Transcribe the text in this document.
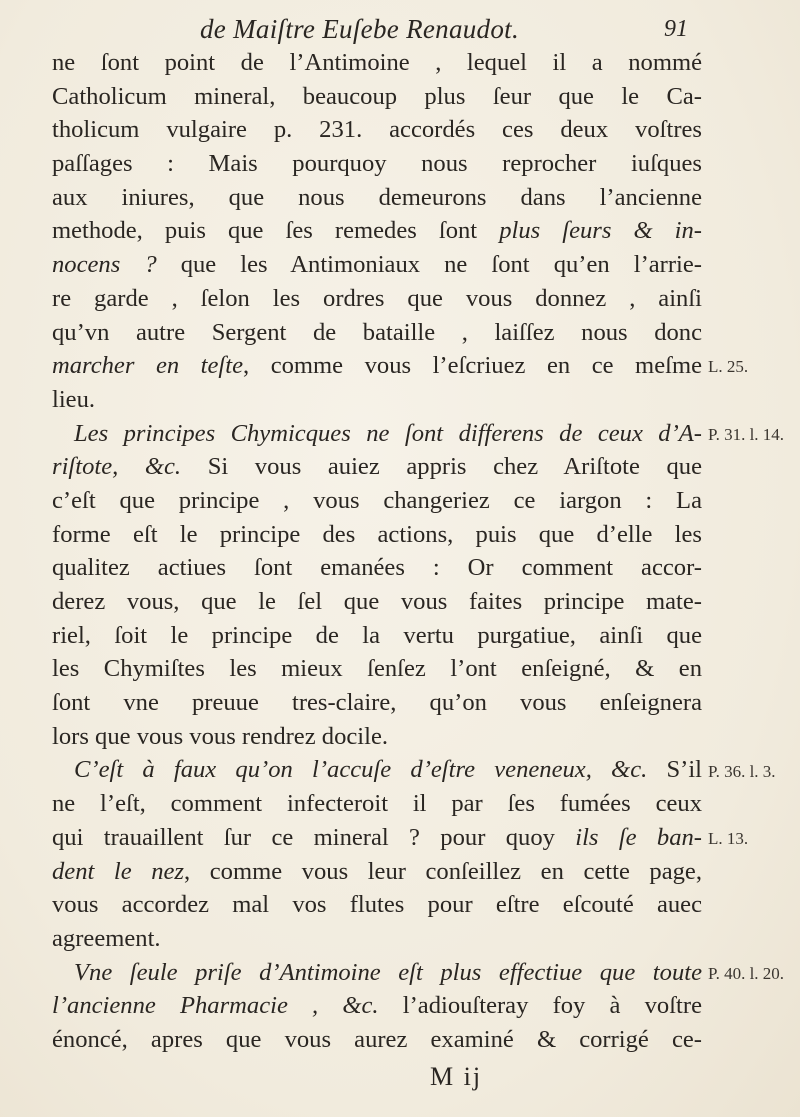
de Maiſtre Euſebe Renaudot.	91
ne ſont point de l’Antimoine , lequel il a nommé
Catholicum mineral, beaucoup plus ſeur que le Ca-
tholicum vulgaire p. 231. accordés ces deux voſtres
paſſages : Mais pourquoy nous reprocher iuſques
aux iniures, que nous demeurons dans l’ancienne
methode, puis que ſes remedes ſont plus ſeurs & in-
nocens ? que les Antimoniaux ne ſont qu’en l’arrie-
re garde , ſelon les ordres que vous donnez , ainſi
qu’vn autre Sergent de bataille , laiſſez nous donc
marcher en teſte, comme vous l’eſcriuez en ce meſme
lieu.
Les principes Chymicques ne ſont differens de ceux d’A-
riſtote, &c. Si vous auiez appris chez Ariſtote que
c’eſt que principe , vous changeriez ce iargon : La
forme eſt le principe des actions, puis que d’elle les
qualitez actiues ſont emanées : Or comment accor-
derez vous, que le ſel que vous faites principe mate-
riel, ſoit le principe de la vertu purgatiue, ainſi que
les Chymiſtes les mieux ſenſez l’ont enſeigné, & en
ſont vne preuue tres-claire, qu’on vous enſeignera
lors que vous vous rendrez docile.
C’eſt à faux qu’on l’accuſe d’eſtre veneneux, &c. S’il
ne l’eſt, comment infecteroit il par ſes fumées ceux
qui trauaillent ſur ce mineral ? pour quoy ils ſe ban-
dent le nez, comme vous leur conſeillez en cette page,
vous accordez mal vos flutes pour eſtre eſcouté auec
agreement.
Vne ſeule priſe d’Antimoine eſt plus effectiue que toute
l’ancienne Pharmacie , &c. l’adiouſteray foy à voſtre
énoncé, apres que vous aurez examiné & corrigé ce-
L. 25.
P. 31. l. 14.
P. 36. l. 3.
L. 13.
P. 40. l. 20.
M ij
